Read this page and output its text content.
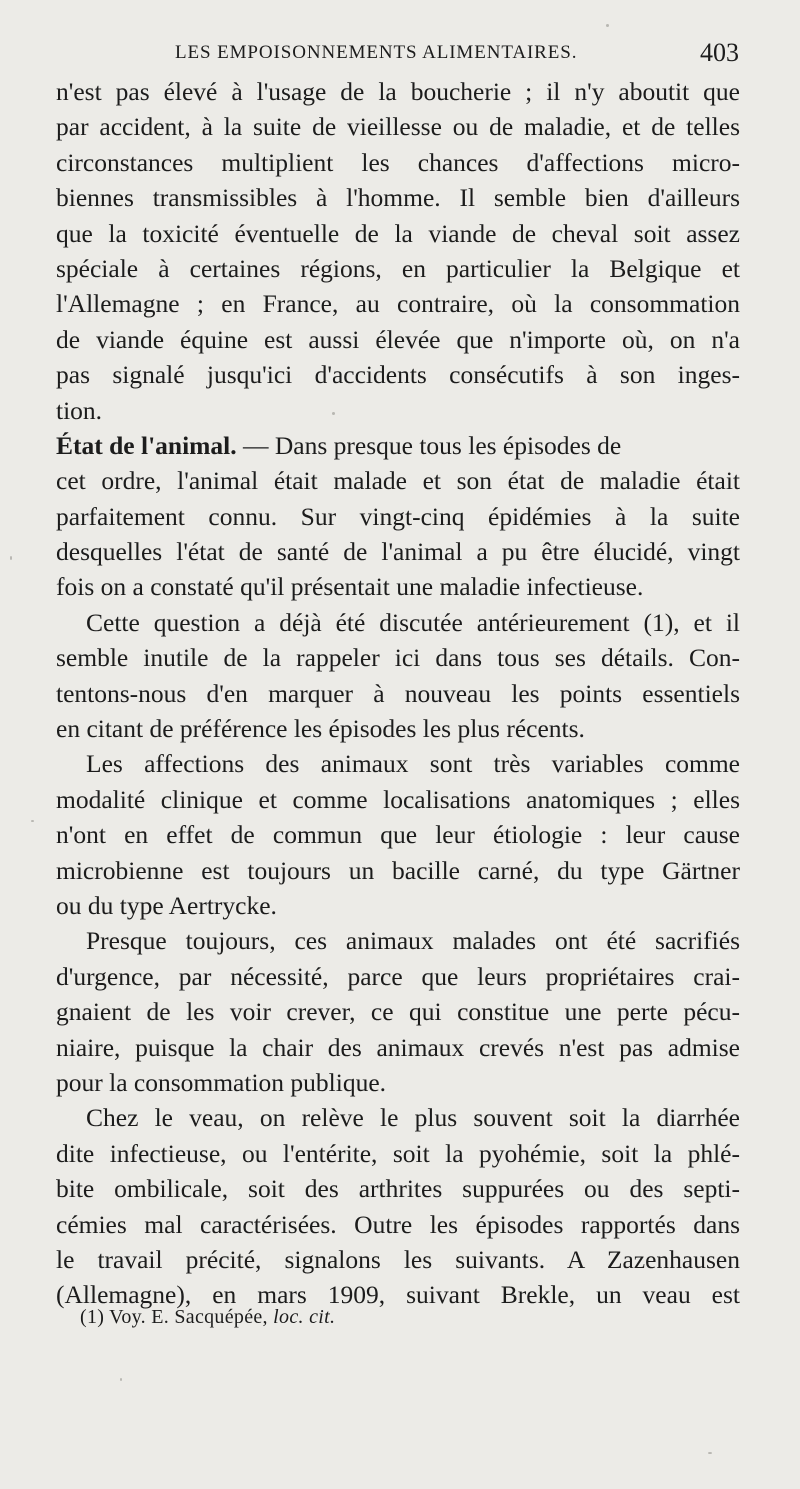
LES EMPOISONNEMENTS ALIMENTAIRES.	403
n'est pas élevé à l'usage de la boucherie ; il n'y aboutit que
par accident, à la suite de vieillesse ou de maladie, et de telles
circonstances multiplient les chances d'affections micro-
biennes transmissibles à l'homme. Il semble bien d'ailleurs
que la toxicité éventuelle de la viande de cheval soit assez
spéciale à certaines régions, en particulier la Belgique et
l'Allemagne ; en France, au contraire, où la consommation
de viande équine est aussi élevée que n'importe où, on n'a
pas signalé jusqu'ici d'accidents consécutifs à son inges-
tion.
État de l'animal. — Dans presque tous les épisodes de
cet ordre, l'animal était malade et son état de maladie était
parfaitement connu. Sur vingt-cinq épidémies à la suite
desquelles l'état de santé de l'animal a pu être élucidé, vingt
fois on a constaté qu'il présentait une maladie infectieuse.
Cette question a déjà été discutée antérieurement (1), et il
semble inutile de la rappeler ici dans tous ses détails. Con-
tentons-nous d'en marquer à nouveau les points essentiels
en citant de préférence les épisodes les plus récents.
Les affections des animaux sont très variables comme
modalité clinique et comme localisations anatomiques ; elles
n'ont en effet de commun que leur étiologie : leur cause
microbienne est toujours un bacille carné, du type Gärtner
ou du type Aertrycke.
Presque toujours, ces animaux malades ont été sacrifiés
d'urgence, par nécessité, parce que leurs propriétaires crai-
gnaient de les voir crever, ce qui constitue une perte pécu-
niaire, puisque la chair des animaux crevés n'est pas admise
pour la consommation publique.
Chez le veau, on relève le plus souvent soit la diarrhée
dite infectieuse, ou l'entérite, soit la pyohémie, soit la phlé-
bite ombilicale, soit des arthrites suppurées ou des septi-
cémies mal caractérisées. Outre les épisodes rapportés dans
le travail précité, signalons les suivants. A Zazenhausen
(Allemagne), en mars 1909, suivant Brekle, un veau est
(1) Voy. E. Sacquépée, loc. cit.
